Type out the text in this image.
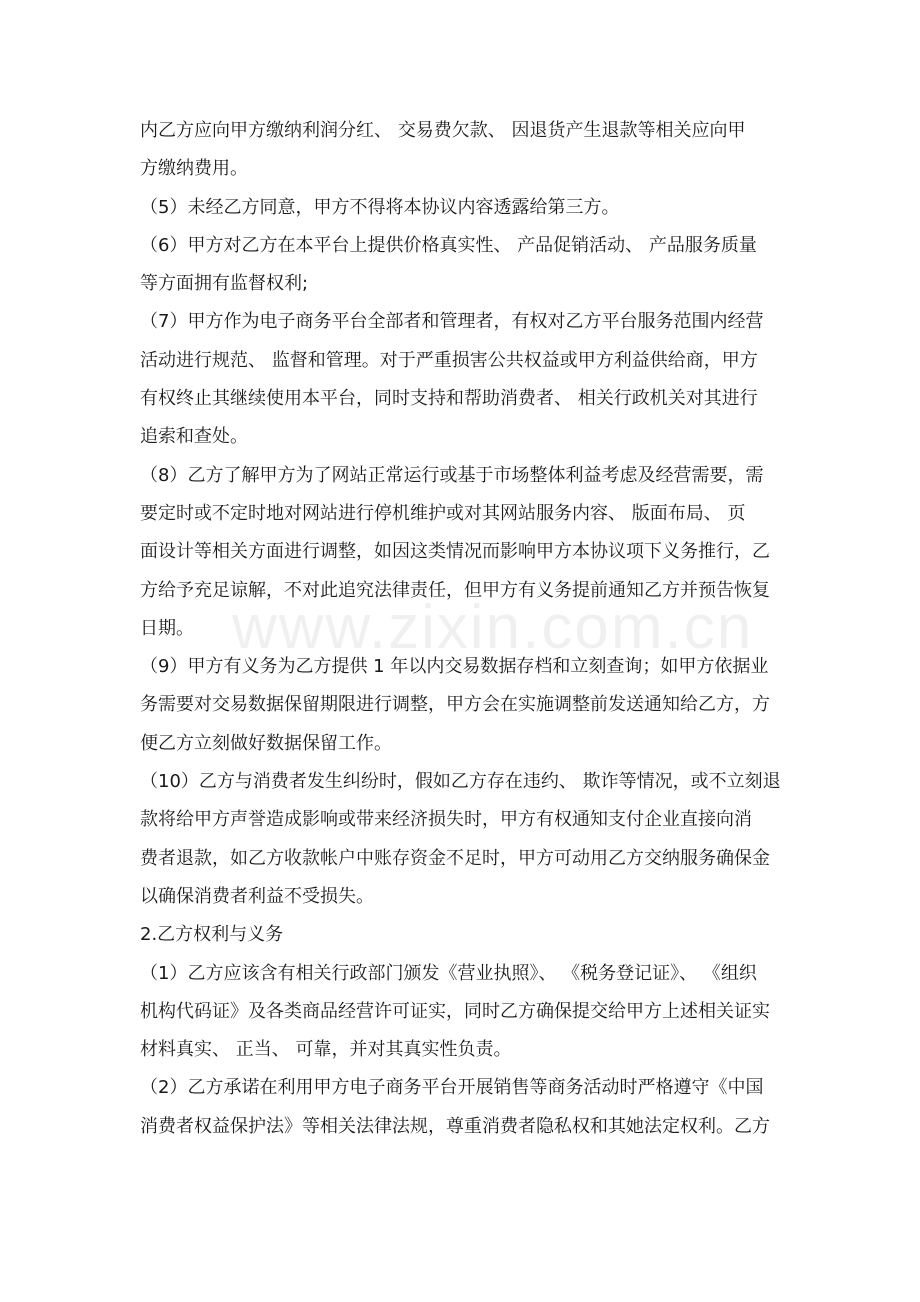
www.zixin.com.cn
内乙方应向甲方缴纳利润分红、 交易费欠款、 因退货产生退款等相关应向甲
方缴纳费用。
（5）未经乙方同意，甲方不得将本协议内容透露给第三方。
（6）甲方对乙方在本平台上提供价格真实性、 产品促销活动、 产品服务质量
等方面拥有监督权利;
（7）甲方作为电子商务平台全部者和管理者，有权对乙方平台服务范围内经营
活动进行规范、 监督和管理。对于严重损害公共权益或甲方利益供给商，甲方
有权终止其继续使用本平台，同时支持和帮助消费者、 相关行政机关对其进行
追索和查处。
（8）乙方了解甲方为了网站正常运行或基于市场整体利益考虑及经营需要，需
要定时或不定时地对网站进行停机维护或对其网站服务内容、 版面布局、 页
面设计等相关方面进行调整，如因这类情况而影响甲方本协议项下义务推行，乙
方给予充足谅解，不对此追究法律责任，但甲方有义务提前通知乙方并预告恢复
日期。
（9）甲方有义务为乙方提供 1 年以内交易数据存档和立刻查询；如甲方依据业
务需要对交易数据保留期限进行调整，甲方会在实施调整前发送通知给乙方，方
便乙方立刻做好数据保留工作。
（10）乙方与消费者发生纠纷时，假如乙方存在违约、 欺诈等情况，或不立刻退
款将给甲方声誉造成影响或带来经济损失时，甲方有权通知支付企业直接向消
费者退款，如乙方收款帐户中账存资金不足时，甲方可动用乙方交纳服务确保金
以确保消费者利益不受损失。
2.乙方权利与义务
（1）乙方应该含有相关行政部门颁发《营业执照》、 《税务登记证》、 《组织
机构代码证》及各类商品经营许可证实，同时乙方确保提交给甲方上述相关证实
材料真实、 正当、 可靠，并对其真实性负责。
（2）乙方承诺在利用甲方电子商务平台开展销售等商务活动时严格遵守《中国
消费者权益保护法》等相关法律法规，尊重消费者隐私权和其她法定权利。乙方
